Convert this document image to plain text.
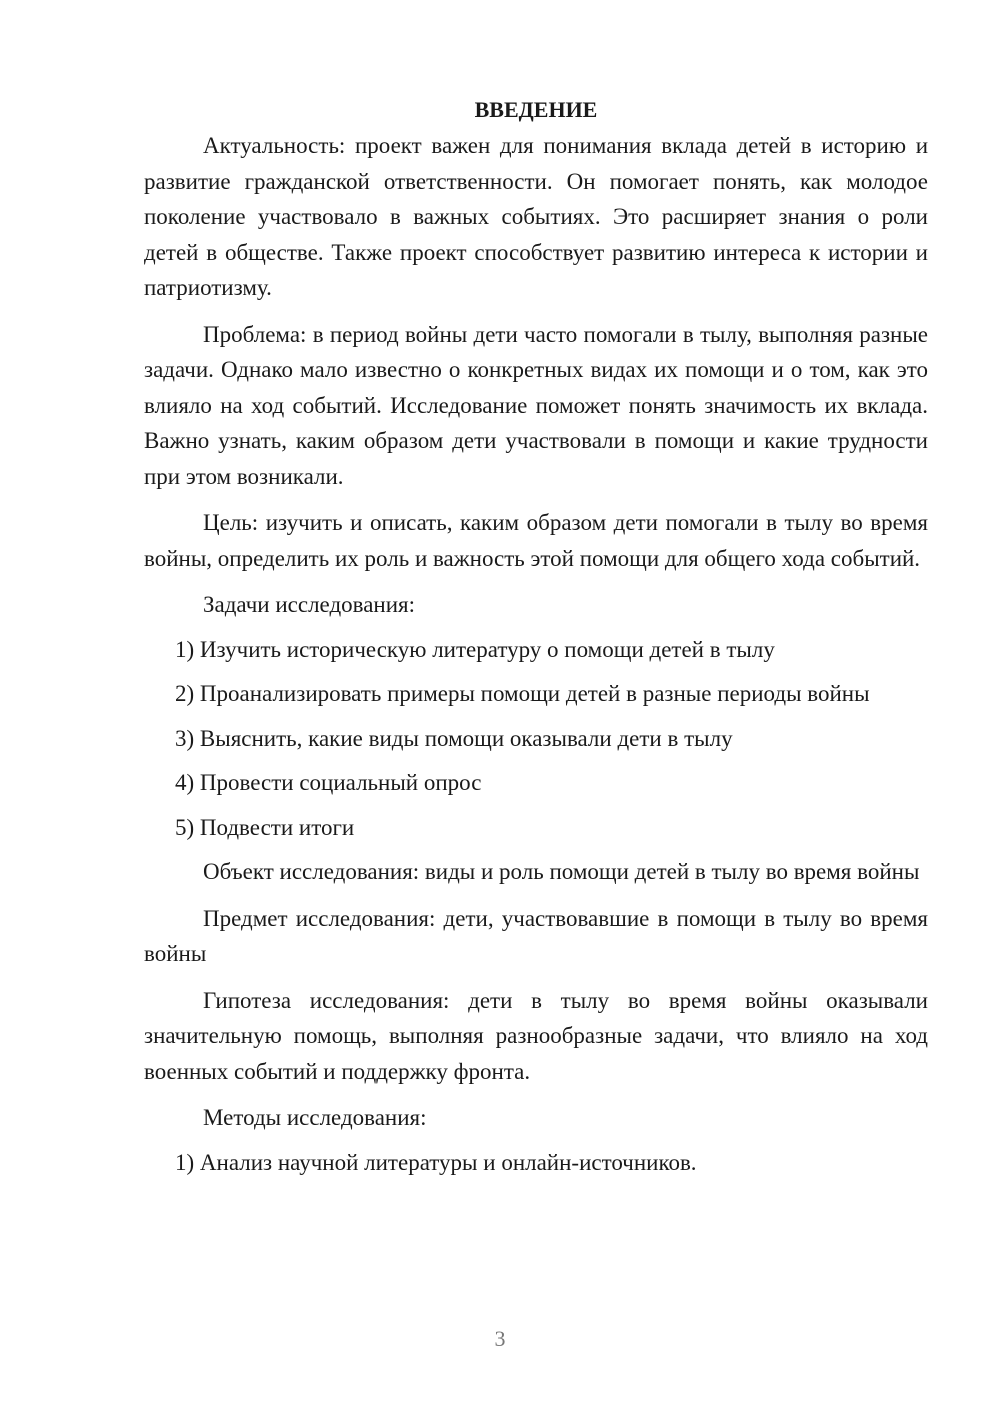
ВВЕДЕНИЕ

Актуальность: проект важен для понимания вклада детей в историю и развитие гражданской ответственности. Он помогает понять, как молодое поколение участвовало в важных событиях. Это расширяет знания о роли детей в обществе. Также проект способствует развитию интереса к истории и патриотизму.

Проблема: в период войны дети часто помогали в тылу, выполняя разные задачи. Однако мало известно о конкретных видах их помощи и о том, как это влияло на ход событий. Исследование поможет понять значимость их вклада. Важно узнать, каким образом дети участвовали в помощи и какие трудности при этом возникали.

Цель: изучить и описать, каким образом дети помогали в тылу во время войны, определить их роль и важность этой помощи для общего хода событий.

Задачи исследования:

1) Изучить историческую литературу о помощи детей в тылу

2) Проанализировать примеры помощи детей в разные периоды войны

3) Выяснить, какие виды помощи оказывали дети в тылу

4) Провести социальный опрос

5) Подвести итоги

Объект исследования: виды и роль помощи детей в тылу во время войны

Предмет исследования: дети, участвовавшие в помощи в тылу во время войны

Гипотеза исследования: дети в тылу во время войны оказывали значительную помощь, выполняя разнообразные задачи, что влияло на ход военных событий и поддержку фронта.

Методы исследования:

1) Анализ научной литературы и онлайн-источников.

3
